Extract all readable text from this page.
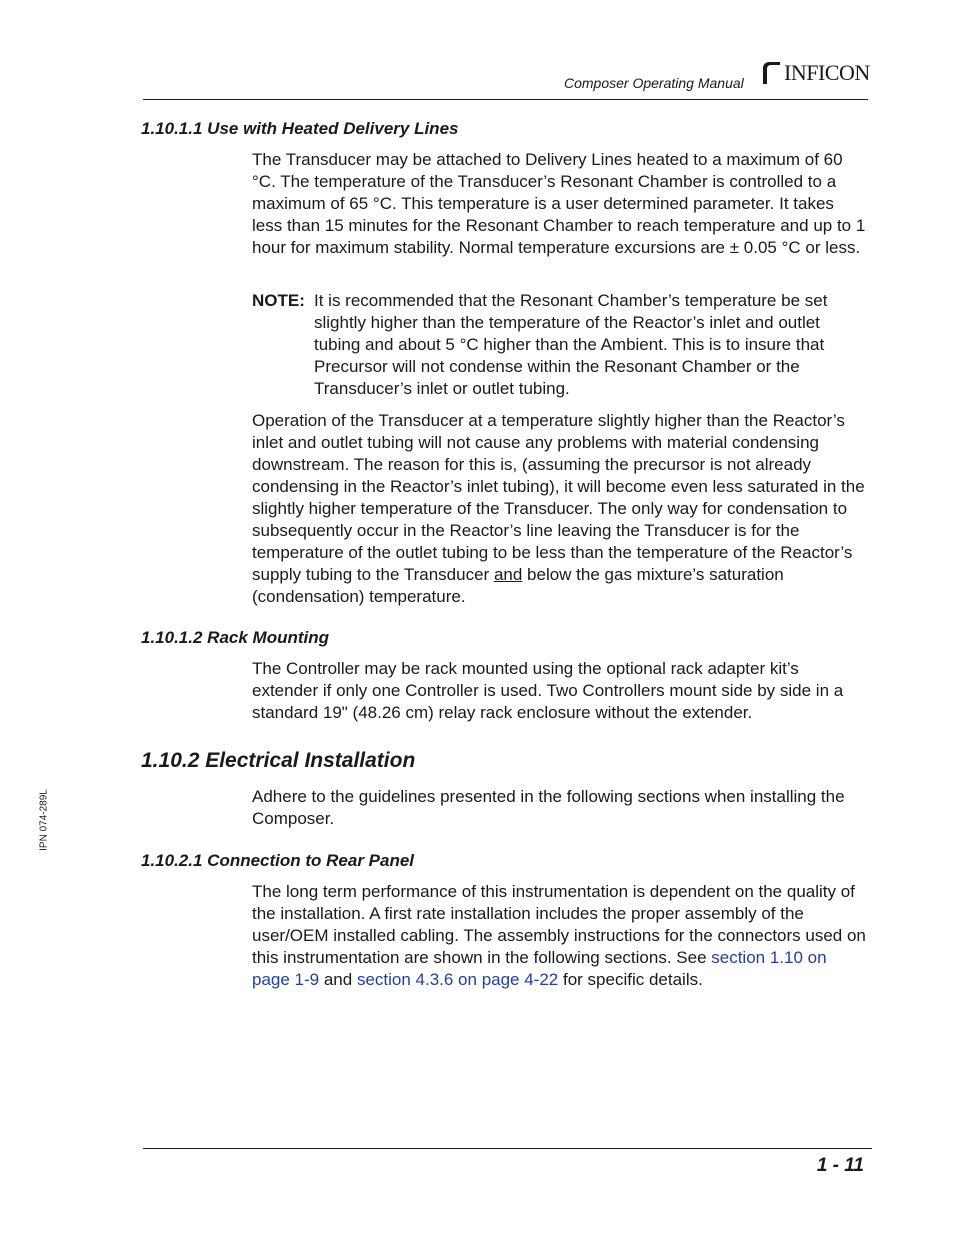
Composer Operating Manual INFICON
1.10.1.1 Use with Heated Delivery Lines
The Transducer may be attached to Delivery Lines heated to a maximum of 60 °C. The temperature of the Transducer’s Resonant Chamber is controlled to a maximum of 65 °C. This temperature is a user determined parameter. It takes less than 15 minutes for the Resonant Chamber to reach temperature and up to 1 hour for maximum stability. Normal temperature excursions are ± 0.05 °C or less.
NOTE: It is recommended that the Resonant Chamber’s temperature be set slightly higher than the temperature of the Reactor’s inlet and outlet tubing and about 5 °C higher than the Ambient. This is to insure that Precursor will not condense within the Resonant Chamber or the Transducer’s inlet or outlet tubing.
Operation of the Transducer at a temperature slightly higher than the Reactor’s inlet and outlet tubing will not cause any problems with material condensing downstream. The reason for this is, (assuming the precursor is not already condensing in the Reactor’s inlet tubing), it will become even less saturated in the slightly higher temperature of the Transducer. The only way for condensation to subsequently occur in the Reactor’s line leaving the Transducer is for the temperature of the outlet tubing to be less than the temperature of the Reactor’s supply tubing to the Transducer and below the gas mixture’s saturation (condensation) temperature.
1.10.1.2 Rack Mounting
The Controller may be rack mounted using the optional rack adapter kit’s extender if only one Controller is used. Two Controllers mount side by side in a standard 19" (48.26 cm) relay rack enclosure without the extender.
1.10.2 Electrical Installation
Adhere to the guidelines presented in the following sections when installing the Composer.
1.10.2.1 Connection to Rear Panel
The long term performance of this instrumentation is dependent on the quality of the installation. A first rate installation includes the proper assembly of the user/OEM installed cabling. The assembly instructions for the connectors used on this instrumentation are shown in the following sections. See section 1.10 on page 1-9 and section 4.3.6 on page 4-22 for specific details.
IPN 074-289L
1 - 11
